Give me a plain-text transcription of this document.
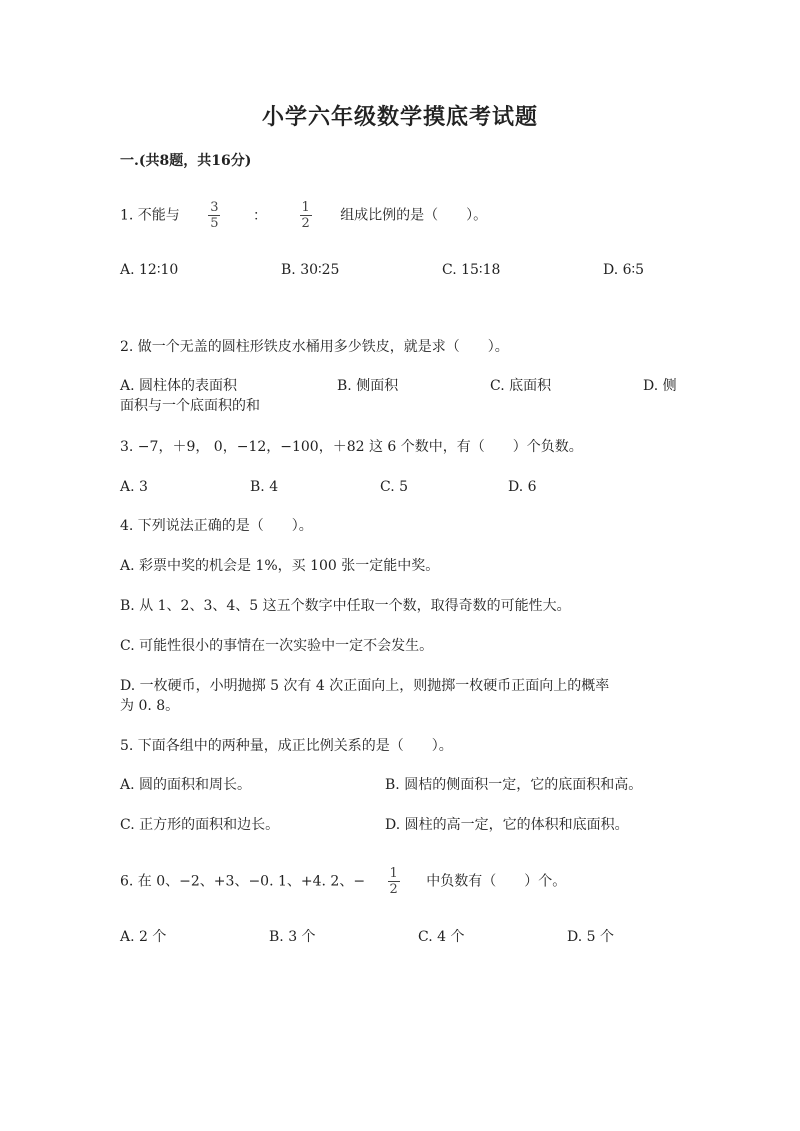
小学六年级数学摸底考试题
一.(共8题，共16分)
1. 不能与 $\frac{3}{5}$ ： $\frac{1}{2}$ 组成比例的是（　　）。
A. 12∶10	B. 30∶25	C. 15∶18	D. 6∶5
2. 做一个无盖的圆柱形铁皮水桶用多少铁皮，就是求（　　）。
A. 圆柱体的表面积	B. 侧面积	C. 底面积	D. 侧
面积与一个底面积的和
3. −7，＋9， 0，−12，−100，＋82 这 6 个数中，有（　　）个负数。
A. 3	B. 4	C. 5	D. 6
4. 下列说法正确的是（　　）。
A. 彩票中奖的机会是 1%，买 100 张一定能中奖。
B. 从 1、2、3、4、5 这五个数字中任取一个数，取得奇数的可能性大。
C. 可能性很小的事情在一次实验中一定不会发生。
D. 一枚硬币，小明抛掷 5 次有 4 次正面向上，则抛掷一枚硬币正面向上的概率
为 0. 8。
5. 下面各组中的两种量，成正比例关系的是（　　）。
A. 圆的面积和周长。	B. 圆桔的侧面积一定，它的底面积和高。
C. 正方形的面积和边长。	D. 圆柱的高一定，它的体积和底面积。
6. 在 0、−2、+3、−0. 1、+4. 2、− $\frac{1}{2}$ 中负数有（　　）个。
A. 2 个	B. 3 个	C. 4 个	D. 5 个
